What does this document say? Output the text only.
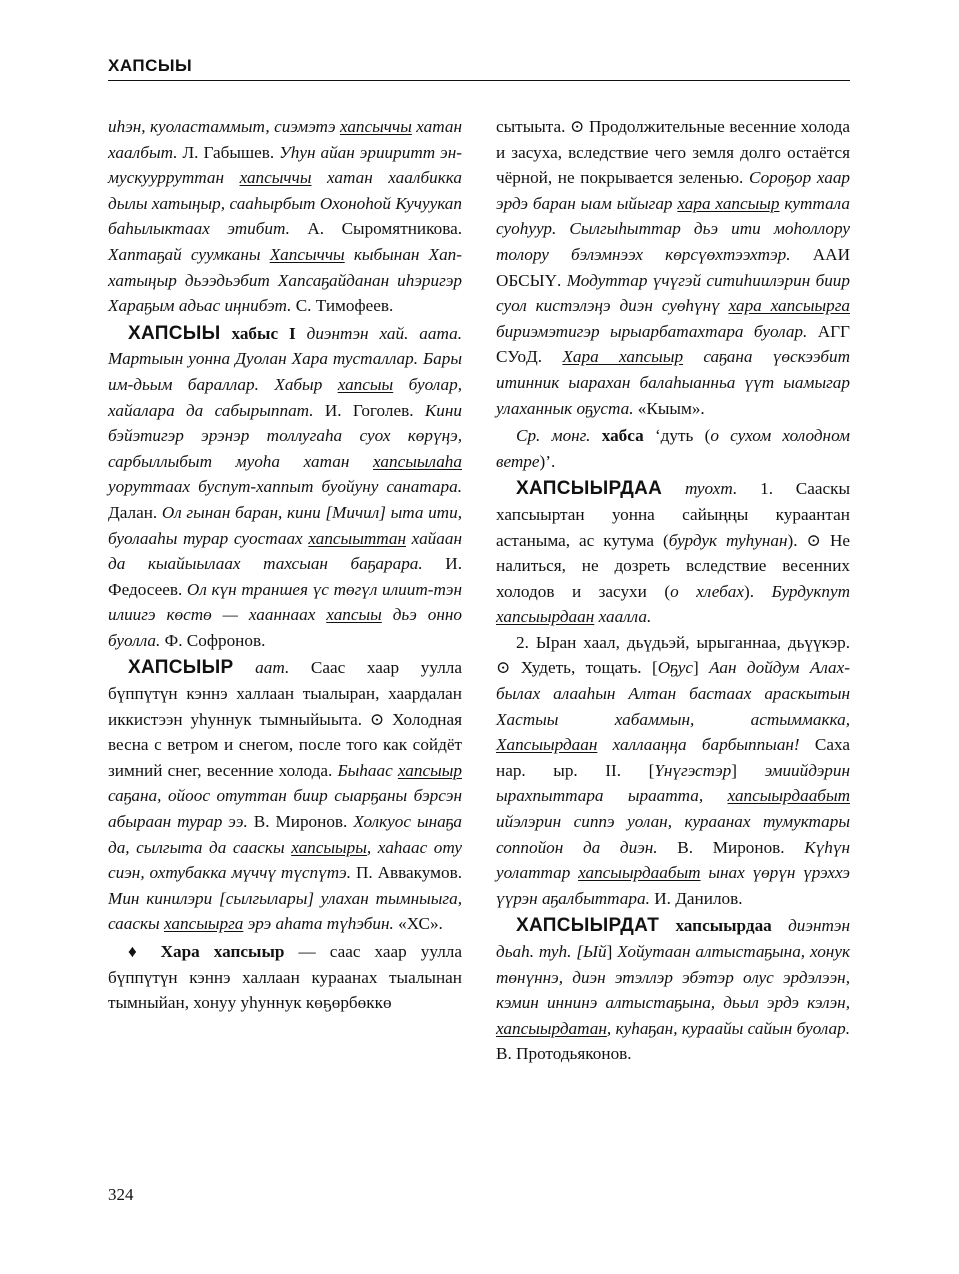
ХАПСЫЫ

иһэн, куоластаммыт, сиэмэтэ хапсыччы хатан хаалбыт. Л. Габышев. Уһун айан эрииритт эн-мускуурруттан хапсыччы хатан хаалбикка дылы хатыңыр, сааһырбыт Охоноһой Кучуукап баһылыктаах этибит. А. Сыромятникова. Хаптаҕай суумканы Хапсыччы кыбынан Хап-хатыңыр дьээдьэбит Хапсаҕайданан иһэригэр Хараҕым адьас иңнибэт. С. Тимофеев.

ХАПСЫЫ хабыс I диэнтэн хай. аата. Мартыын уонна Дуолан Хара тусталлар. Бары им-дьым бараллар. Хабыр хапсыы буолар, хайалара да сабырыппат. И. Гоголев. Кини бэйэтигэр эрэнэр толлугаһа суох көрүңэ, сарбыллыбыт муоһа хатан хапсыылаһа уоруттаах буспут-хаппыт буойуну санатара. Далан. Ол гынан баран, кини [Мичил] ыта ити, буолааһы турар суостаах хапсыыттан хайаан да кыайыылаах тахсыан баҕарара. И. Федосеев. Ол күн траншея үс төгүл илиит-тэн илиигэ көстө — хааннаах хапсыы дьэ онно буолла. Ф. Софронов.

ХАПСЫЫР аат. Саас хаар уулла бүппүтүн кэннэ халлаан тыалыран, хаардалан иккистээн уһуннук тымныйыыта. ⊙ Холодная весна с ветром и снегом, после того как сойдёт зимний снег, весенние холода. Быһаас хапсыыр саҕана, ойоос отуттан биир сыарҕаны бэрсэн абыраан турар ээ. В. Миронов. Холкуос ынаҕа да, сылгыта да сааскы хапсыыры, хаһаас оту сиэн, охтубакка мүччү түспүтэ. П. Аввакумов. Мин кинилэри [сылгылары] улахан тымныыга, сааскы хапсыырга эрэ аһата түһэбин. «ХС».

♦ Хара хапсыыр — саас хаар уулла бүппүтүн кэннэ халлаан кураанах тыалынан тымныйан, хонуу уһуннук көҕөрбөккө

сытыыта. ⊙ Продолжительные весенние холода и засуха, вследствие чего земля долго остаётся чёрной, не покрывается зеленью. Сороҕор хаар эрдэ баран ыам ыйыгар хара хапсыыр куттала суоһуур. Сылгыһыттар дьэ ити моһоллору толору бэлэмнээх көрсүөхтээхтэр. ААИ ОБСЫҮ. Модуттар үчүгэй ситиһиилэрин биир суол кистэлэңэ диэн суөһүнү хара хапсыырга бириэмэтигэр ырыарбатахтара буолар. АГГ СУоД. Хара хапсыыр саҕана үөскээбит итинник ыарахан балаһыанньа үүт ыамыгар улаханнык оҕуста. «Кыым».

Ср. монг. хабса ‘дуть (о сухом холодном ветре)’.

ХАПСЫЫРДАА туохт. 1. Сааскы хапсыыртан уонна сайыңңы кураантан астаныма, ас кутума (бурдук туһунан). ⊙ Не налиться, не дозреть вследствие весенних холодов и засухи (о хлебах). Бурдукпут хапсыырдаан хаалла.

2. Ыран хаал, дьүдьэй, ырыганнаа, дьүүкэр. ⊙ Худеть, тощать. [Оҕус] Аан дойдум Алах-былах алааһын Алтан бастаах араскытын Хастыы хабаммын, астыммакка, Хапсыырдаан халлааңңа барбыппыан! Саха нар. ыр. II. [Үнүгэстэр] эмиийдэрин ырахпыттара ыраатта, хапсыырдаабыт ийэлэрин сиппэ уолан, кураанах тумуктары соппойон да диэн. В. Миронов. Күһүн уолаттар хапсыырдаабыт ынах үөрүн үрэххэ үүрэн аҕалбыттара. И. Данилов.

ХАПСЫЫРДАТ хапсыырдаа диэнтэн дьаһ. туһ. [Ый] Хойутаан алтыстаҕына, хонук төнүннэ, диэн этэллэр эбэтэр олус эрдэлээн, кэмин иннинэ алтыстаҕына, дьыл эрдэ кэлэн, хапсыырдатан, куһаҕан, кураайы сайын буолар. В. Протодьяконов.

324
